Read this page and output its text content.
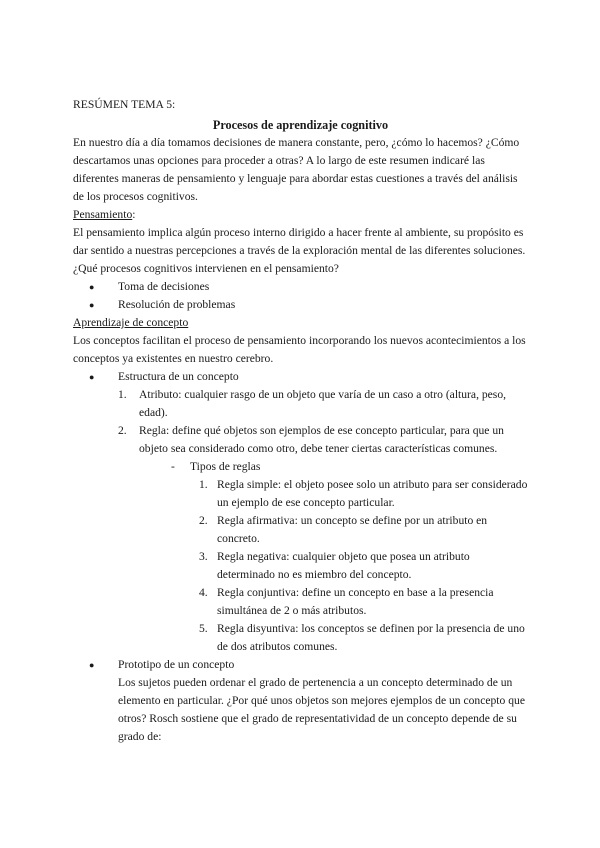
RESÚMEN TEMA 5:

Procesos de aprendizaje cognitivo

En nuestro día a día tomamos decisiones de manera constante, pero, ¿cómo lo hacemos? ¿Cómo descartamos unas opciones para proceder a otras? A lo largo de este resumen indicaré las diferentes maneras de pensamiento y lenguaje para abordar estas cuestiones a través del análisis de los procesos cognitivos.

Pensamiento:

El pensamiento implica algún proceso interno dirigido a hacer frente al ambiente, su propósito es dar sentido a nuestras percepciones a través de la exploración mental de las diferentes soluciones.

¿Qué procesos cognitivos intervienen en el pensamiento?

● Toma de decisiones
● Resolución de problemas

Aprendizaje de concepto

Los conceptos facilitan el proceso de pensamiento incorporando los nuevos acontecimientos a los conceptos ya existentes en nuestro cerebro.

● Estructura de un concepto
1. Atributo: cualquier rasgo de un objeto que varía de un caso a otro (altura, peso, edad).
2. Regla: define qué objetos son ejemplos de ese concepto particular, para que un objeto sea considerado como otro, debe tener ciertas características comunes.
- Tipos de reglas
1. Regla simple: el objeto posee solo un atributo para ser considerado un ejemplo de ese concepto particular.
2. Regla afirmativa: un concepto se define por un atributo en concreto.
3. Regla negativa: cualquier objeto que posea un atributo determinado no es miembro del concepto.
4. Regla conjuntiva: define un concepto en base a la presencia simultánea de 2 o más atributos.
5. Regla disyuntiva: los conceptos se definen por la presencia de uno de dos atributos comunes.
● Prototipo de un concepto

Los sujetos pueden ordenar el grado de pertenencia a un concepto determinado de un elemento en particular. ¿Por qué unos objetos son mejores ejemplos de un concepto que otros? Rosch sostiene que el grado de representatividad de un concepto depende de su grado de:
